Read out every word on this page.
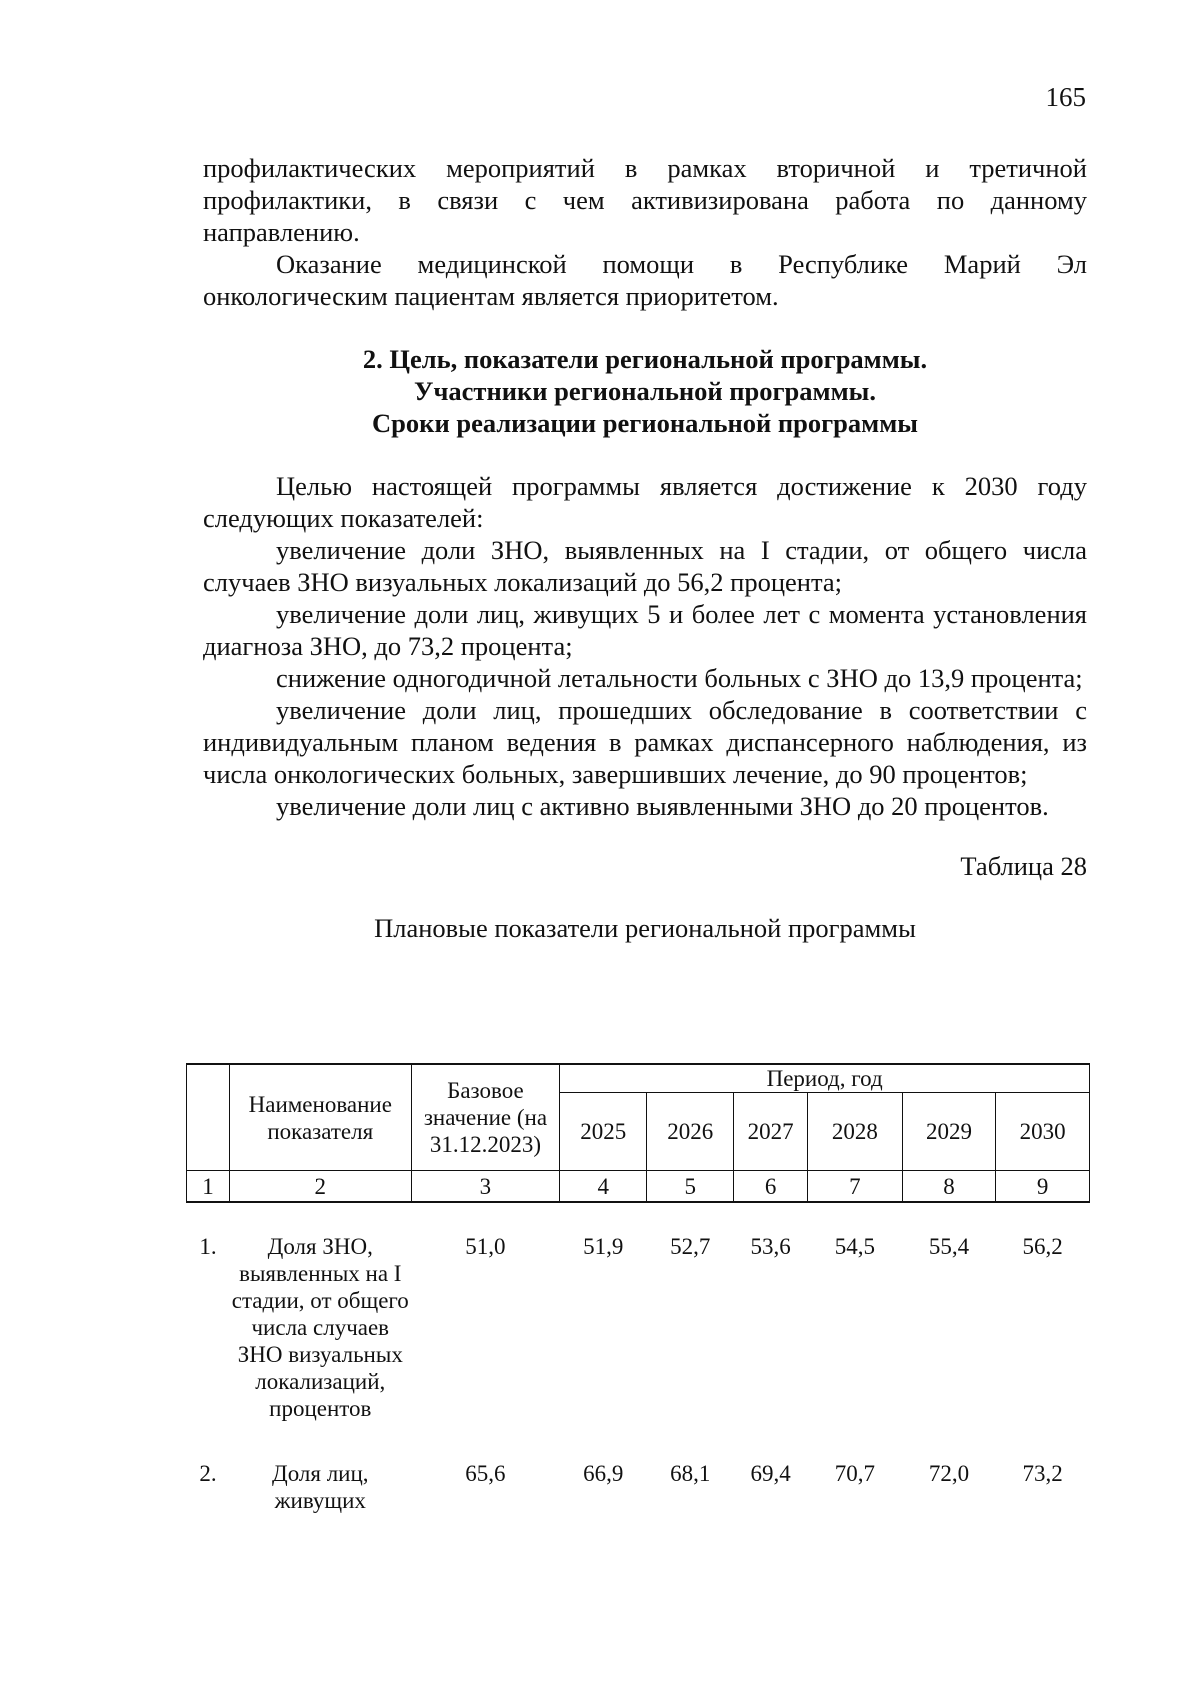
165

профилактических мероприятий в рамках вторичной и третичной профилактики, в связи с чем активизирована работа по данному направлению.

Оказание медицинской помощи в Республике Марий Эл онкологическим пациентам является приоритетом.

2. Цель, показатели региональной программы.

Участники региональной программы.

Сроки реализации региональной программы

Целью настоящей программы является достижение к 2030 году следующих показателей:

увеличение доли ЗНО, выявленных на I стадии, от общего числа случаев ЗНО визуальных локализаций до 56,2 процента;

увеличение доли лиц, живущих 5 и более лет с момента установления диагноза ЗНО, до 73,2 процента;

снижение одногодичной летальности больных с ЗНО до 13,9 процента;

увеличение доли лиц, прошедших обследование в соответствии с индивидуальным планом ведения в рамках диспансерного наблюдения, из числа онкологических больных, завершивших лечение, до 90 процентов;

увеличение доли лиц с активно выявленными ЗНО до 20 процентов.

Таблица 28

Плановые показатели региональной программы

	Наименование показателя	Базовое значение (на 31.12.2023)	Период, год					
			2025	2026	2027	2028	2029	2030
1	2	3	4	5	6	7	8	9
1.	Доля ЗНО, выявленных на I стадии, от общего числа случаев ЗНО визуальных локализаций, процентов	51,0	51,9	52,7	53,6	54,5	55,4	56,2
2.	Доля лиц, живущих	65,6	66,9	68,1	69,4	70,7	72,0	73,2
